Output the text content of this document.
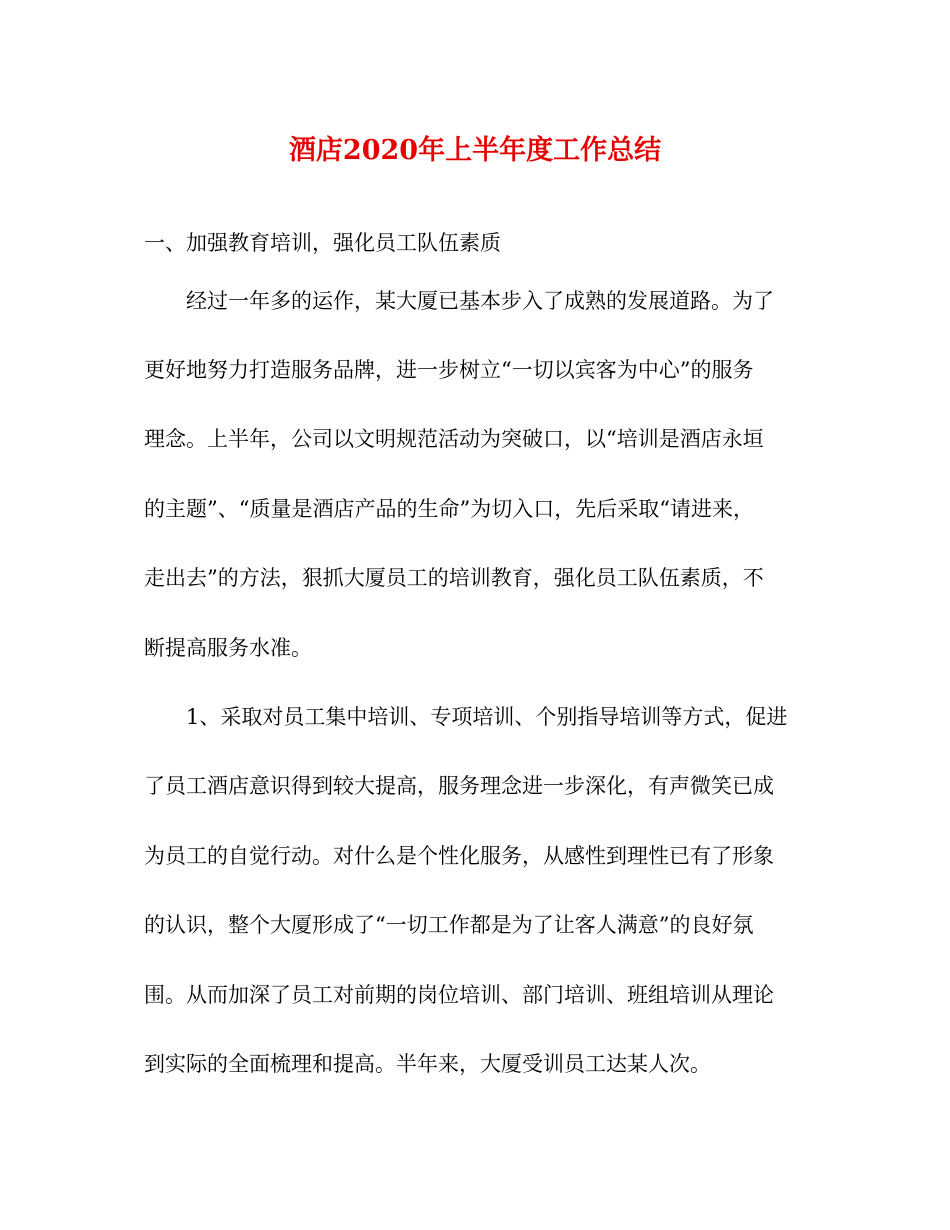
酒店2020年上半年度工作总结
一、加强教育培训，强化员工队伍素质
经过一年多的运作，某大厦已基本步入了成熟的发展道路。为了
更好地努力打造服务品牌，进一步树立“一切以宾客为中心”的服务
理念。上半年，公司以文明规范活动为突破口，以“培训是酒店永垣
的主题”、“质量是酒店产品的生命”为切入口，先后采取“请进来，
走出去”的方法，狠抓大厦员工的培训教育，强化员工队伍素质，不
断提高服务水准。
1、采取对员工集中培训、专项培训、个别指导培训等方式，促进
了员工酒店意识得到较大提高，服务理念进一步深化，有声微笑已成
为员工的自觉行动。对什么是个性化服务，从感性到理性已有了形象
的认识，整个大厦形成了“一切工作都是为了让客人满意”的良好氛
围。从而加深了员工对前期的岗位培训、部门培训、班组培训从理论
到实际的全面梳理和提高。半年来，大厦受训员工达某人次。
